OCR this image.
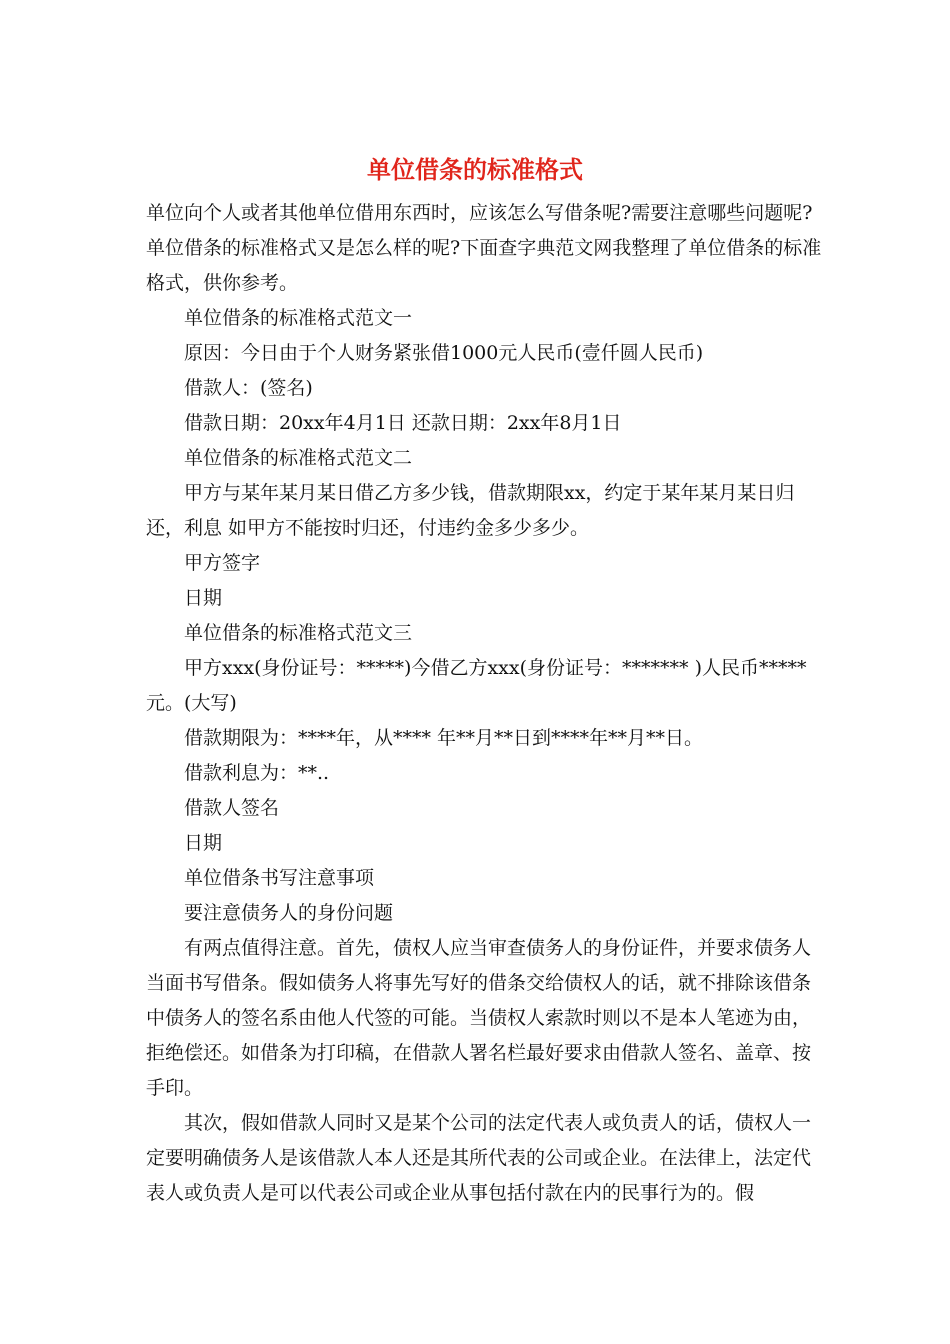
单位借条的标准格式

单位向个人或者其他单位借用东西时，应该怎么写借条呢?需要注意哪些问题呢?单位借条的标准格式又是怎么样的呢?下面查字典范文网我整理了单位借条的标准格式，供你参考。

单位借条的标准格式范文一

原因：今日由于个人财务紧张借1000元人民币(壹仟圆人民币)

借款人：(签名)

借款日期：20xx年4月1日 还款日期：2xx年8月1日

单位借条的标准格式范文二

甲方与某年某月某日借乙方多少钱，借款期限xx，约定于某年某月某日归还，利息 如甲方不能按时归还，付违约金多少多少。

甲方签字

日期

单位借条的标准格式范文三

甲方xxx(身份证号：*****)今借乙方xxx(身份证号：******* )人民币***** 元。(大写)

借款期限为：****年，从**** 年**月**日到****年**月**日。

借款利息为：**..

借款人签名

日期

单位借条书写注意事项

要注意债务人的身份问题

有两点值得注意。首先，债权人应当审查债务人的身份证件，并要求债务人当面书写借条。假如债务人将事先写好的借条交给债权人的话，就不排除该借条中债务人的签名系由他人代签的可能。当债权人索款时则以不是本人笔迹为由，拒绝偿还。如借条为打印稿，在借款人署名栏最好要求由借款人签名、盖章、按手印。

其次，假如借款人同时又是某个公司的法定代表人或负责人的话，债权人一定要明确债务人是该借款人本人还是其所代表的公司或企业。在法律上，法定代表人或负责人是可以代表公司或企业从事包括付款在内的民事行为的。假
